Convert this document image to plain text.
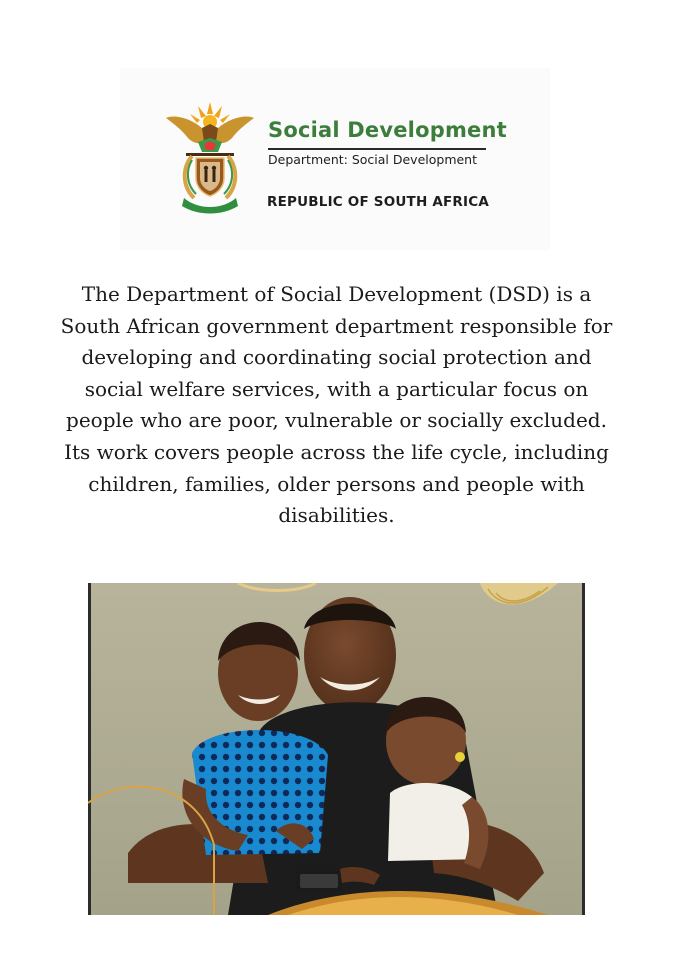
Social Development
Department: Social Development
REPUBLIC OF SOUTH AFRICA

The Department of Social Development (DSD) is a South African government department responsible for developing and coordinating social protection and social welfare services, with a particular focus on people who are poor, vulnerable or socially excluded. Its work covers people across the life cycle, including children, families, older persons and people with disabilities.
